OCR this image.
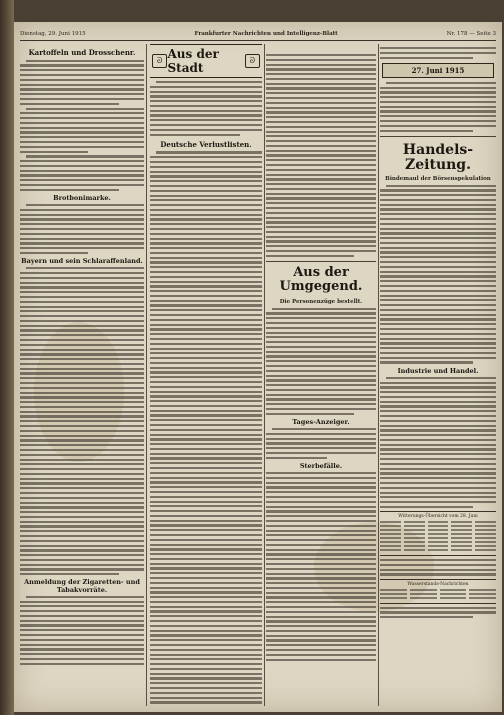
Dienstag, 29. Juni 1915	Frankfurter Nachrichten und Intelligenz-Blatt	Nr. 178 — Seite 3
Kartoffeln und Drosschenr.
Brotbonimarke.
Bayern und sein Schlaraffenland.
Anmeldung der Zigaretten- und Tabakvorräte.
ᘐ Aus der Stadt
ᘐ
Deutsche Verlustlisten.
Aus der Umgegend.
Die Personenzüge bestellt.
Tages-Anzeiger.
Sterbefälle.
27. Juni 1915
Handels-Zeitung.
Bindemaul der Börsenspekulation
Industrie und Handel.
Witterungs-Übersicht vom 28. Juni
Wasserstands-Nachrichten
